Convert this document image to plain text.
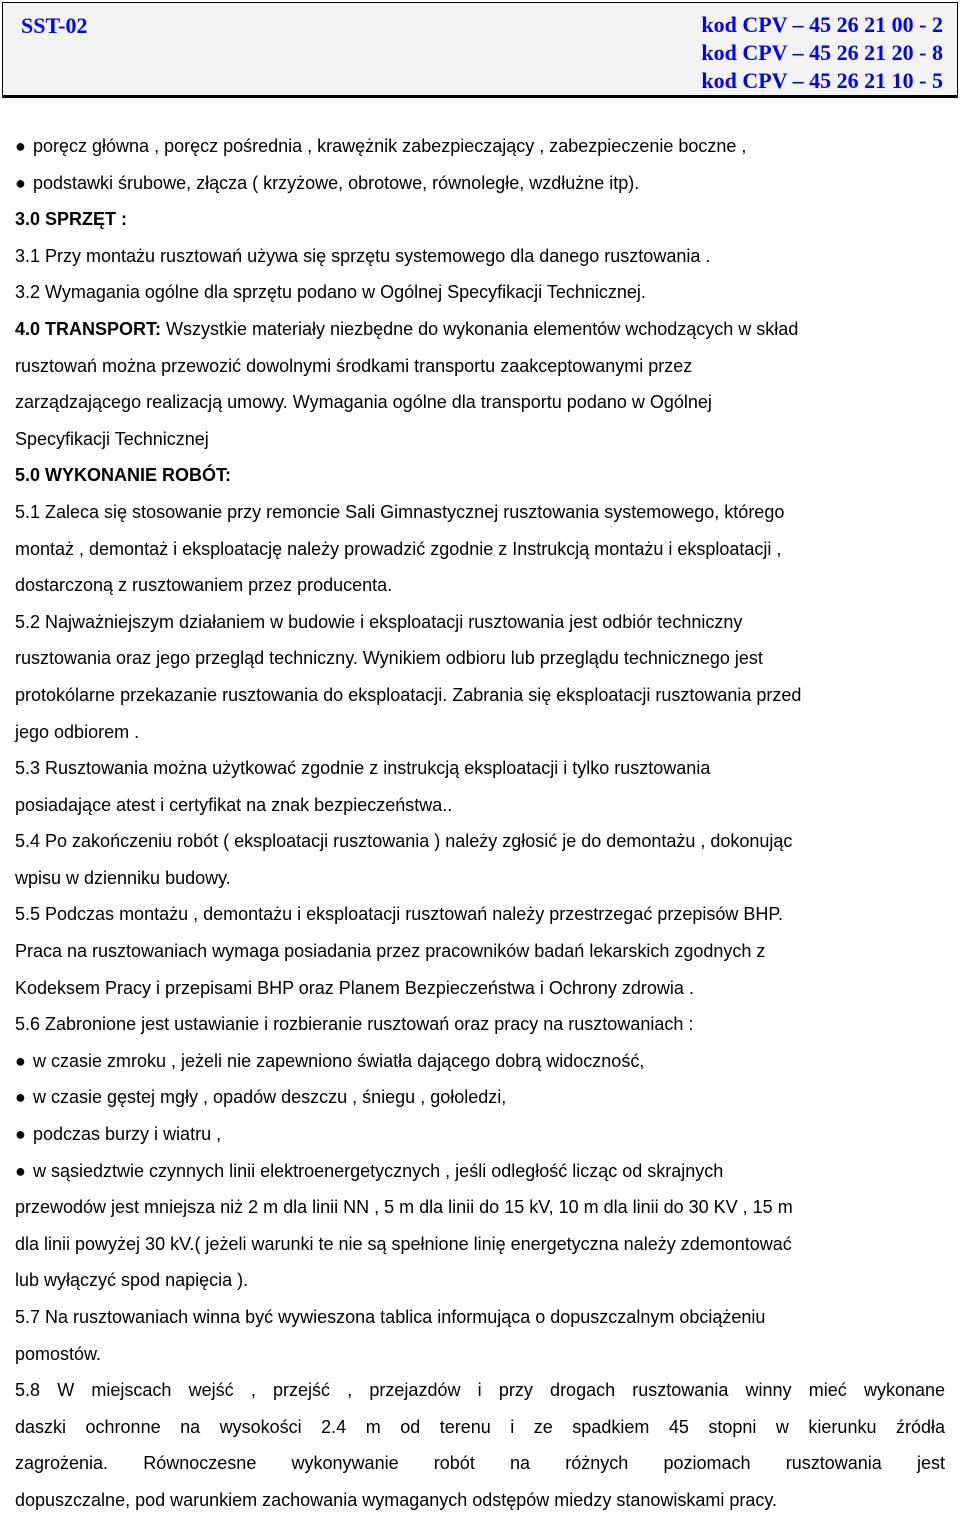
SST-02	kod CPV – 45 26 21 00 - 2
kod CPV – 45 26 21 20 - 8
kod CPV – 45 26 21 10 - 5
● poręcz główna , poręcz pośrednia , krawężnik zabezpieczający , zabezpieczenie boczne ,
● podstawki śrubowe, złącza ( krzyżowe, obrotowe, równoległe, wzdłużne itp).
3.0 SPRZĘT :
3.1 Przy montażu rusztowań używa się sprzętu systemowego dla danego rusztowania .
3.2 Wymagania ogólne dla sprzętu podano w Ogólnej Specyfikacji Technicznej.
4.0 TRANSPORT: Wszystkie materiały niezbędne do wykonania elementów wchodzących w skład
rusztowań można przewozić dowolnymi środkami transportu zaakceptowanymi przez
zarządzającego realizacją umowy. Wymagania ogólne dla transportu podano w Ogólnej
Specyfikacji Technicznej
5.0 WYKONANIE ROBÓT:
5.1 Zaleca się stosowanie przy remoncie Sali Gimnastycznej rusztowania systemowego, którego
montaż , demontaż i eksploatację należy prowadzić zgodnie z Instrukcją montażu i eksploatacji ,
dostarczoną z rusztowaniem przez producenta.
5.2 Najważniejszym działaniem w budowie i eksploatacji rusztowania jest odbiór techniczny
rusztowania oraz jego przegląd techniczny. Wynikiem odbioru lub przeglądu technicznego jest
protokólarne przekazanie rusztowania do eksploatacji. Zabrania się eksploatacji rusztowania przed
jego odbiorem .
5.3 Rusztowania można użytkować zgodnie z instrukcją eksploatacji i tylko rusztowania
posiadające atest i certyfikat na znak bezpieczeństwa..
5.4 Po zakończeniu robót ( eksploatacji rusztowania ) należy zgłosić je do demontażu , dokonując
wpisu w dzienniku budowy.
5.5 Podczas montażu , demontażu i eksploatacji rusztowań należy przestrzegać przepisów BHP.
Praca na rusztowaniach wymaga posiadania przez pracowników badań lekarskich zgodnych z
Kodeksem Pracy i przepisami BHP oraz Planem Bezpieczeństwa i Ochrony zdrowia .
5.6 Zabronione jest ustawianie i rozbieranie rusztowań oraz pracy na rusztowaniach :
● w czasie zmroku , jeżeli nie zapewniono światła dającego dobrą widoczność,
● w czasie gęstej mgły , opadów deszczu , śniegu , gołoledzi,
● podczas burzy i wiatru ,
● w sąsiedztwie czynnych linii elektroenergetycznych , jeśli odległość licząc od skrajnych
przewodów jest mniejsza niż 2 m dla linii NN , 5 m dla linii do 15 kV, 10 m dla linii do 30 KV , 15 m
dla linii powyżej 30 kV.( jeżeli warunki te nie są spełnione linię energetyczna należy zdemontować
lub wyłączyć spod napięcia ).
5.7 Na rusztowaniach winna być wywieszona tablica informująca o dopuszczalnym obciążeniu
pomostów.
5.8 W miejscach wejść , przejść , przejazdów i przy drogach rusztowania winny mieć wykonane
daszki ochronne na wysokości 2.4 m od terenu i ze spadkiem 45 stopni w kierunku źródła
zagrożenia. Równoczesne wykonywanie robót na różnych poziomach rusztowania jest
dopuszczalne, pod warunkiem zachowania wymaganych odstępów miedzy stanowiskami pracy.
